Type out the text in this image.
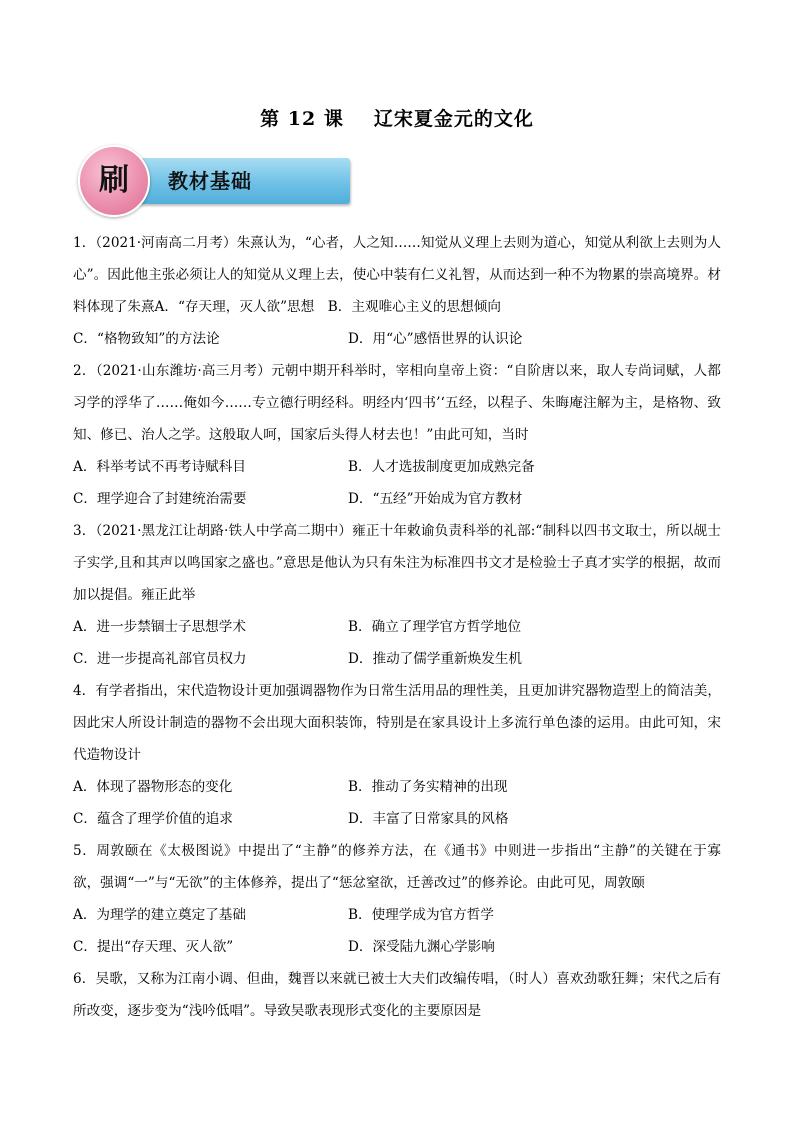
第 12 课 辽宋夏金元的文化
教材基础
刷

1．（2021·河南高二月考）朱熹认为，“心者，人之知……知觉从义理上去则为道心，知觉从利欲上去则为人心”。因此他主张必须让人的知觉从义理上去，使心中装有仁义礼智，从而达到一种不为物累的崇高境界。材料体现了朱熹A．“存天理，灭人欲”思想　B．主观唯心主义的思想倾向

C．“格物致知”的方法论	D．用“心”感悟世界的认识论

2．（2021·山东潍坊·高三月考）元朝中期开科举时，宰相向皇帝上资：“自阶唐以来，取人专尚词赋，人都习学的浮华了……俺如今……专立德行明经科。明经内‘四书’‘五经，以程子、朱晦庵注解为主，是格物、致知、修已、治人之学。这般取人呵，国家后头得人材去也！”由此可知，当时

A．科举考试不再考诗赋科目	B．人才选拔制度更加成熟完备
C．理学迎合了封建统治需要	D．“五经”开始成为官方教材

3．（2021·黑龙江让胡路·铁人中学高二期中）雍正十年敕谕负责科举的礼部:“制科以四书文取士，所以觇士子实学,且和其声以鸣国家之盛也。”意思是他认为只有朱注为标准四书文才是检验士子真才实学的根据，故而加以提倡。雍正此举

A．进一步禁锢士子思想学术	B．确立了理学官方哲学地位
C．进一步提高礼部官员权力	D．推动了儒学重新焕发生机

4．有学者指出，宋代造物设计更加强调器物作为日常生活用品的理性美，且更加讲究器物造型上的简洁美，因此宋人所设计制造的器物不会出现大面积装饰，特别是在家具设计上多流行单色漆的运用。由此可知，宋代造物设计

A．体现了器物形态的变化	B．推动了务实精神的出现
C．蕴含了理学价值的追求	D．丰富了日常家具的风格

5．周敦颐在《太极图说》中提出了“主静”的修养方法，在《通书》中则进一步指出“主静”的关键在于寡欲，强调“一”与“无欲”的主体修养，提出了“惩忿窒欲，迁善改过”的修养论。由此可见，周敦颐

A．为理学的建立奠定了基础	B．使理学成为官方哲学
C．提出“存天理、灭人欲”	D．深受陆九渊心学影响

6．吴歌，又称为江南小调、但曲，魏晋以来就已被士大夫们改编传唱，（时人）喜欢劲歌狂舞；宋代之后有所改变，逐步变为“浅吟低唱”。导致吴歌表现形式变化的主要原因是
